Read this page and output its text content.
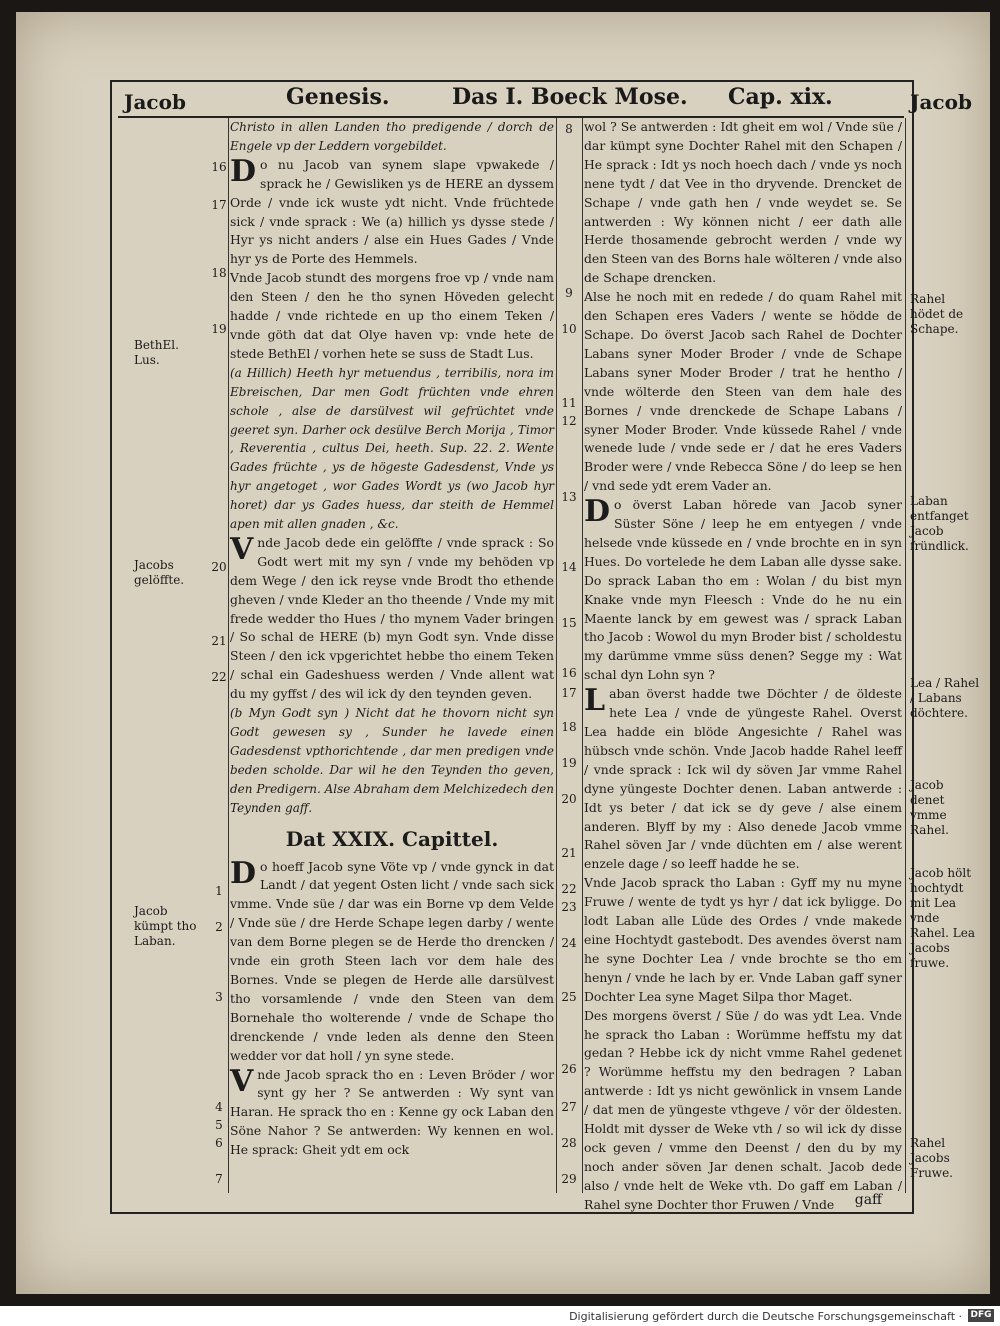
Jacob	Jacob
Genesis.	Das I. Boeck Mose. Cap. xix.

Christo in allen Landen tho predigende / dorch de Engele vp der Leddern vorgebildet.

Do nu Jacob van synem slape vpwakede / sprack he / Gewisliken ys de HERE an dyssem Orde / vnde ick wuste ydt nicht. Vnde früchtede sick / vnde sprack : We (a) hillich ys dysse stede / Hyr ys nicht anders / alse ein Hues Gades / Vnde hyr ys de Porte des Hemmels.

Vnde Jacob stundt des morgens froe vp / vnde nam den Steen / den he tho synen Höveden gelecht hadde / vnde richtede en up tho einem Teken / vnde göth dat dat Olye haven vp: vnde hete de stede BethEl / vorhen hete se suss de Stadt Lus.

(a Hillich) Heeth hyr metuendus , terribilis, nora im Ebreischen, Dar men Godt früchten vnde ehren schole , alse de darsülvest wil gefrüchtet vnde geeret syn. Darher ock desülve Berch Morija , Timor , Reverentia , cultus Dei, heeth. Sup. 22. 2. Wente Gades früchte , ys de högeste Gadesdenst, Vnde ys hyr angetoget , wor Gades Wordt ys (wo Jacob hyr horet) dar ys Gades huess, dar steith de Hemmel apen mit allen gnaden , &c.

Vnde Jacob dede ein gelöffte / vnde sprack : So Godt wert mit my syn / vnde my behöden vp dem Wege / den ick reyse vnde Brodt tho ethende gheven / vnde Kleder an tho theende / Vnde my mit frede wedder tho Hues / tho mynem Vader bringen / So schal de HERE (b) myn Godt syn. Vnde disse Steen / den ick vpgerichtet hebbe tho einem Teken / schal ein Gadeshuess werden / Vnde allent wat du my gyffst / des wil ick dy den teynden geven.

(b Myn Godt syn ) Nicht dat he thovorn nicht syn Godt gewesen sy , Sunder he lavede einen Gadesdenst vpthorichtende , dar men predigen vnde beden scholde. Dar wil he den Teynden tho geven, den Predigern. Alse Abraham dem Melchizedech den Teynden gaff.

Dat XXIX. Capittel.

Do hoeff Jacob syne Vöte vp / vnde gynck in dat Landt / dat yegent Osten licht / vnde sach sick vmme. Vnde süe / dar was ein Borne vp dem Velde / Vnde süe / dre Herde Schape legen darby / wente van dem Borne plegen se de Herde tho drencken / vnde ein groth Steen lach vor dem hale des Bornes. Vnde se plegen de Herde alle darsülvest tho vorsamlende / vnde den Steen van dem Bornehale tho wolterende / vnde de Schape tho drenckende / vnde leden als denne den Steen wedder vor dat holl / yn syne stede.

Vnde Jacob sprack tho en : Leven Bröder / wor synt gy her ? Se antwerden : Wy synt van Haran. He sprack tho en : Kenne gy ock Laban den Söne Nahor ? Se antwerden: Wy kennen en wol. He sprack: Gheit ydt em ock

wol ? Se antwerden : Idt gheit em wol / Vnde süe / dar kümpt syne Dochter Rahel mit den Schapen / He sprack : Idt ys noch hoech dach / vnde ys noch nene tydt / dat Vee in tho dryvende. Drencket de Schape / vnde gath hen / vnde weydet se. Se antwerden : Wy können nicht / eer dath alle Herde thosamende gebrocht werden / vnde wy den Steen van des Borns hale wölteren / vnde also de Schape drencken.

Alse he noch mit en redede / do quam Rahel mit den Schapen eres Vaders / wente se hödde de Schape. Do överst Jacob sach Rahel de Dochter Labans syner Moder Broder / vnde de Schape Labans syner Moder Broder / trat he hentho / vnde wölterde den Steen van dem hale des Bornes / vnde drenckede de Schape Labans / syner Moder Broder. Vnde küssede Rahel / vnde wenede lude / vnde sede er / dat he eres Vaders Broder were / vnde Rebecca Söne / do leep se hen / vnd sede ydt erem Vader an.

Do överst Laban hörede van Jacob syner Süster Söne / leep he em entyegen / vnde helsede vnde küssede en / vnde brochte en in syn Hues. Do vortelede he dem Laban alle dysse sake. Do sprack Laban tho em : Wolan / du bist myn Knake vnde myn Fleesch : Vnde do he nu ein Maente lanck by em gewest was / sprack Laban tho Jacob : Wowol du myn Broder bist / scholdestu my darümme vmme süss denen? Segge my : Wat schal dyn Lohn syn ?

Laban överst hadde twe Döchter / de öldeste hete Lea / vnde de yüngeste Rahel. Overst Lea hadde ein blöde Angesichte / Rahel was hübsch vnde schön. Vnde Jacob hadde Rahel leeff / vnde sprack : Ick wil dy söven Jar vmme Rahel dyne yüngeste Dochter denen. Laban antwerde : Idt ys beter / dat ick se dy geve / alse einem anderen. Blyff by my : Also denede Jacob vmme Rahel söven Jar / vnde düchten em / alse werent enzele dage / so leeff hadde he se.

Vnde Jacob sprack tho Laban : Gyff my nu myne Fruwe / wente de tydt ys hyr / dat ick byligge. Do lodt Laban alle Lüde des Ordes / vnde makede eine Hochtydt gastebodt. Des avendes överst nam he syne Dochter Lea / vnde brochte se tho em henyn / vnde he lach by er. Vnde Laban gaff syner Dochter Lea syne Maget Silpa thor Maget.

Des morgens överst / Süe / do was ydt Lea. Vnde he sprack tho Laban : Worümme heffstu my dat gedan ? Hebbe ick dy nicht vmme Rahel gedenet ? Worümme heffstu my den bedragen ? Laban antwerde : Idt ys nicht gewönlick in vnsem Lande / dat men de yüngeste vthgeve / vör der öldesten. Holdt mit dysser de Weke vth / so wil ick dy disse ock geven / vmme den Deenst / den du by my noch ander söven Jar denen schalt. Jacob dede also / vnde helt de Weke vth. Do gaff em Laban / Rahel syne Dochter thor Fruwen / Vnde

16
17
18
19
20
21
22
1
2
3
4
5
6
7
8
9
10
11
12
13
14
15
16
17
18
19
20
21
22
23
24
25
26
27
28
29
BethEl. Lus.
Jacobs gelöffte.
Jacob kümpt tho Laban.
Rahel hödet de Schape.
Laban entfanget Jacob fründlick.
Lea / Rahel / Labans döchtere.
Jacob denet vmme Rahel.
Jacob hölt hochtydt mit Lea vnde Rahel. Lea Jacobs fruwe.
Rahel Jacobs Fruwe.
gaff
Digitalisierung gefördert durch die Deutsche Forschungsgemeinschaft · DFG
